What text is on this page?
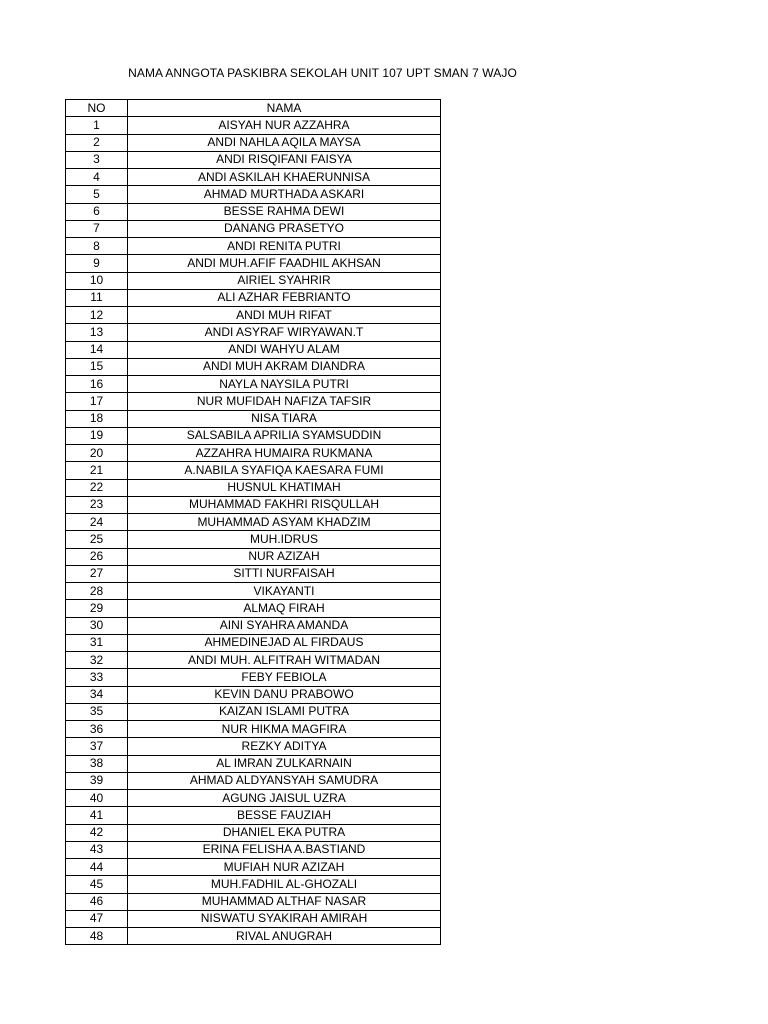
NAMA ANNGOTA PASKIBRA SEKOLAH UNIT 107 UPT SMAN 7 WAJO
NO	NAMA
1	AISYAH NUR AZZAHRA
2	ANDI NAHLA AQILA MAYSA
3	ANDI RISQIFANI FAISYA
4	ANDI ASKILAH KHAERUNNISA
5	AHMAD MURTHADA ASKARI
6	BESSE RAHMA DEWI
7	DANANG PRASETYO
8	ANDI RENITA PUTRI
9	ANDI MUH.AFIF FAADHIL AKHSAN
10	AIRIEL SYAHRIR
11	ALI AZHAR FEBRIANTO
12	ANDI MUH RIFAT
13	ANDI ASYRAF WIRYAWAN.T
14	ANDI WAHYU ALAM
15	ANDI MUH AKRAM DIANDRA
16	NAYLA NAYSILA PUTRI
17	NUR MUFIDAH NAFIZA TAFSIR
18	NISA TIARA
19	SALSABILA APRILIA SYAMSUDDIN
20	AZZAHRA HUMAIRA RUKMANA
21	A.NABILA SYAFIQA KAESARA FUMI
22	HUSNUL KHATIMAH
23	MUHAMMAD FAKHRI RISQULLAH
24	MUHAMMAD ASYAM KHADZIM
25	MUH.IDRUS
26	NUR AZIZAH
27	SITTI NURFAISAH
28	VIKAYANTI
29	ALMAQ FIRAH
30	AINI SYAHRA AMANDA
31	AHMEDINEJAD AL FIRDAUS
32	ANDI MUH. ALFITRAH WITMADAN
33	FEBY FEBIOLA
34	KEVIN DANU PRABOWO
35	KAIZAN ISLAMI PUTRA
36	NUR HIKMA MAGFIRA
37	REZKY ADITYA
38	AL IMRAN ZULKARNAIN
39	AHMAD ALDYANSYAH SAMUDRA
40	AGUNG JAISUL UZRA
41	BESSE FAUZIAH
42	DHANIEL EKA PUTRA
43	ERINA FELISHA A.BASTIAND
44	MUFIAH NUR AZIZAH
45	MUH.FADHIL AL-GHOZALI
46	MUHAMMAD ALTHAF NASAR
47	NISWATU SYAKIRAH AMIRAH
48	RIVAL ANUGRAH
